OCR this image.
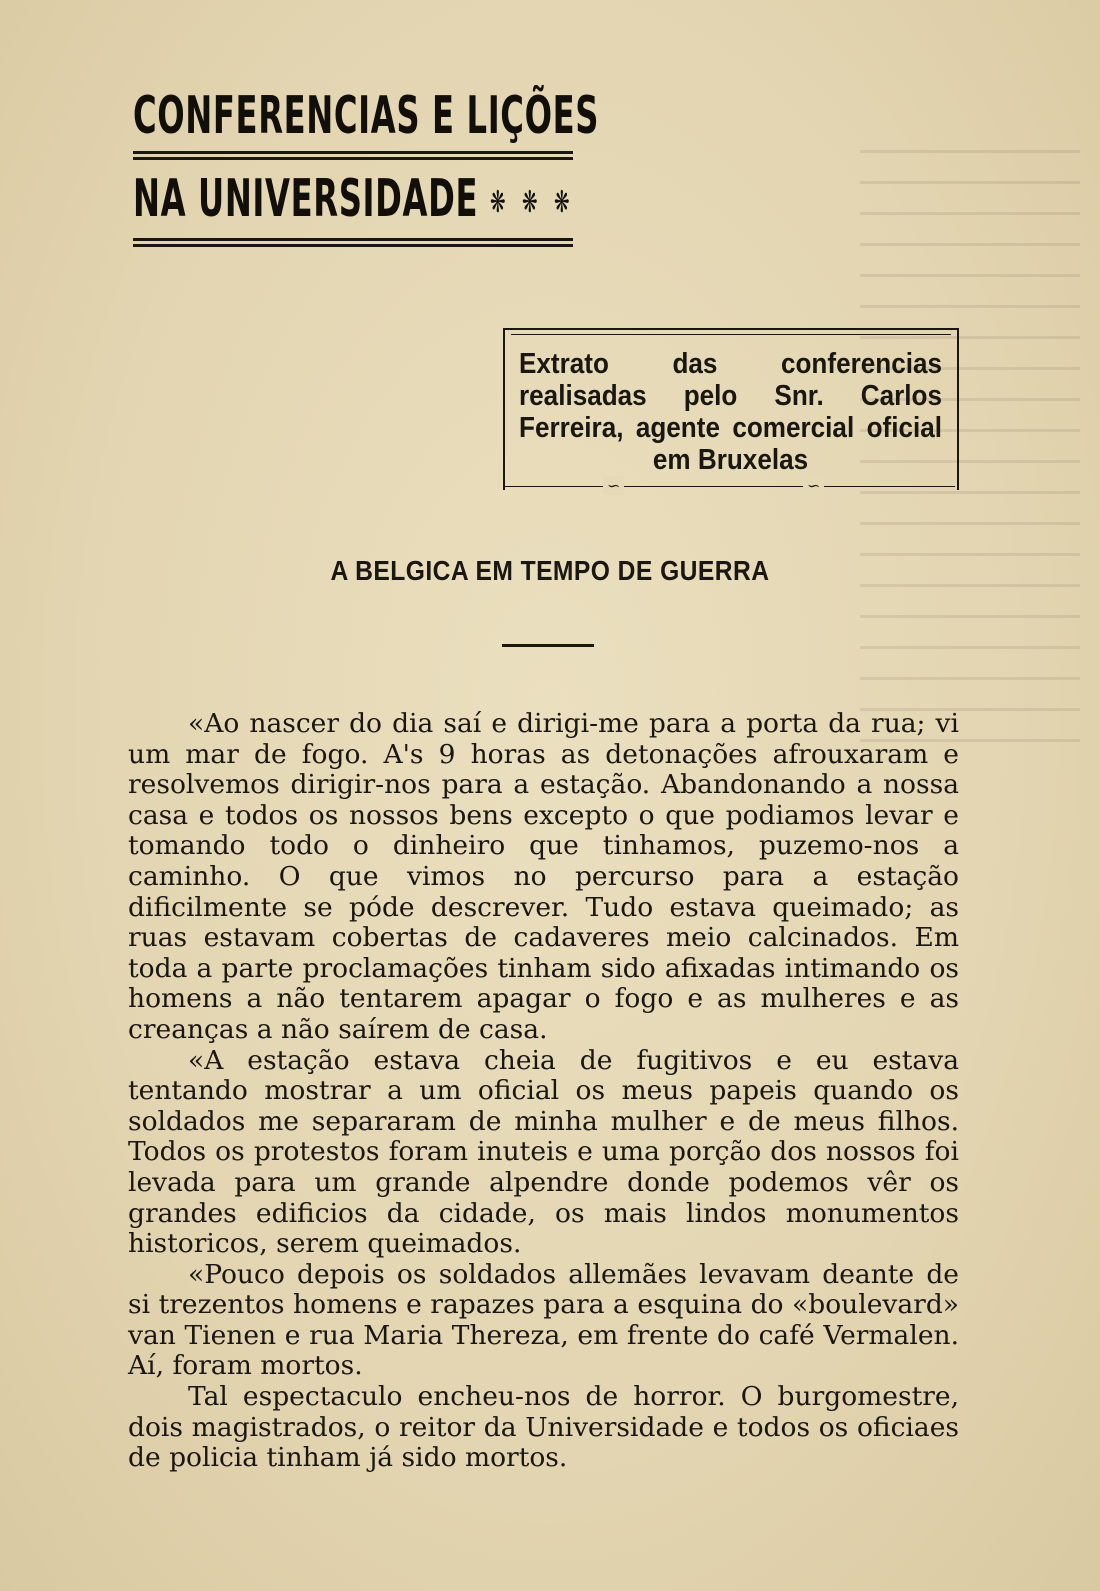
CONFERENCIAS E LIÇÕES
NA UNIVERSIDADE ❋ ❋ ❋
Extrato das conferencias realisadas pelo Snr. Carlos Ferreira, agente comercial oficial em Bruxelas
∽	∽
A BELGICA EM TEMPO DE GUERRA

«Ao nascer do dia saí e dirigi-me para a porta da rua; vi um mar de fogo. A's 9 horas as detonações afrouxaram e resolvemos dirigir-nos para a estação. Abandonando a nossa casa e todos os nossos bens excepto o que podiamos levar e tomando todo o dinheiro que tinhamos, puzemo-nos a caminho. O que vimos no percurso para a estação dificilmente se póde descrever. Tudo estava queimado; as ruas estavam cobertas de cadaveres meio calcinados. Em toda a parte proclamações tinham sido afixadas intimando os homens a não tentarem apagar o fogo e as mulheres e as creanças a não saírem de casa.

«A estação estava cheia de fugitivos e eu estava tentando mostrar a um oficial os meus papeis quando os soldados me separaram de minha mulher e de meus filhos. Todos os protestos foram inuteis e uma porção dos nossos foi levada para um grande alpendre donde podemos vêr os grandes edificios da cidade, os mais lindos monumentos historicos, serem queimados.

«Pouco depois os soldados allemães levavam deante de si trezentos homens e rapazes para a esquina do «boulevard» van Tienen e rua Maria Thereza, em frente do café Vermalen. Aí, foram mortos.

Tal espectaculo encheu-nos de horror. O burgomestre, dois magistrados, o reitor da Universidade e todos os oficiaes de policia tinham já sido mortos.
